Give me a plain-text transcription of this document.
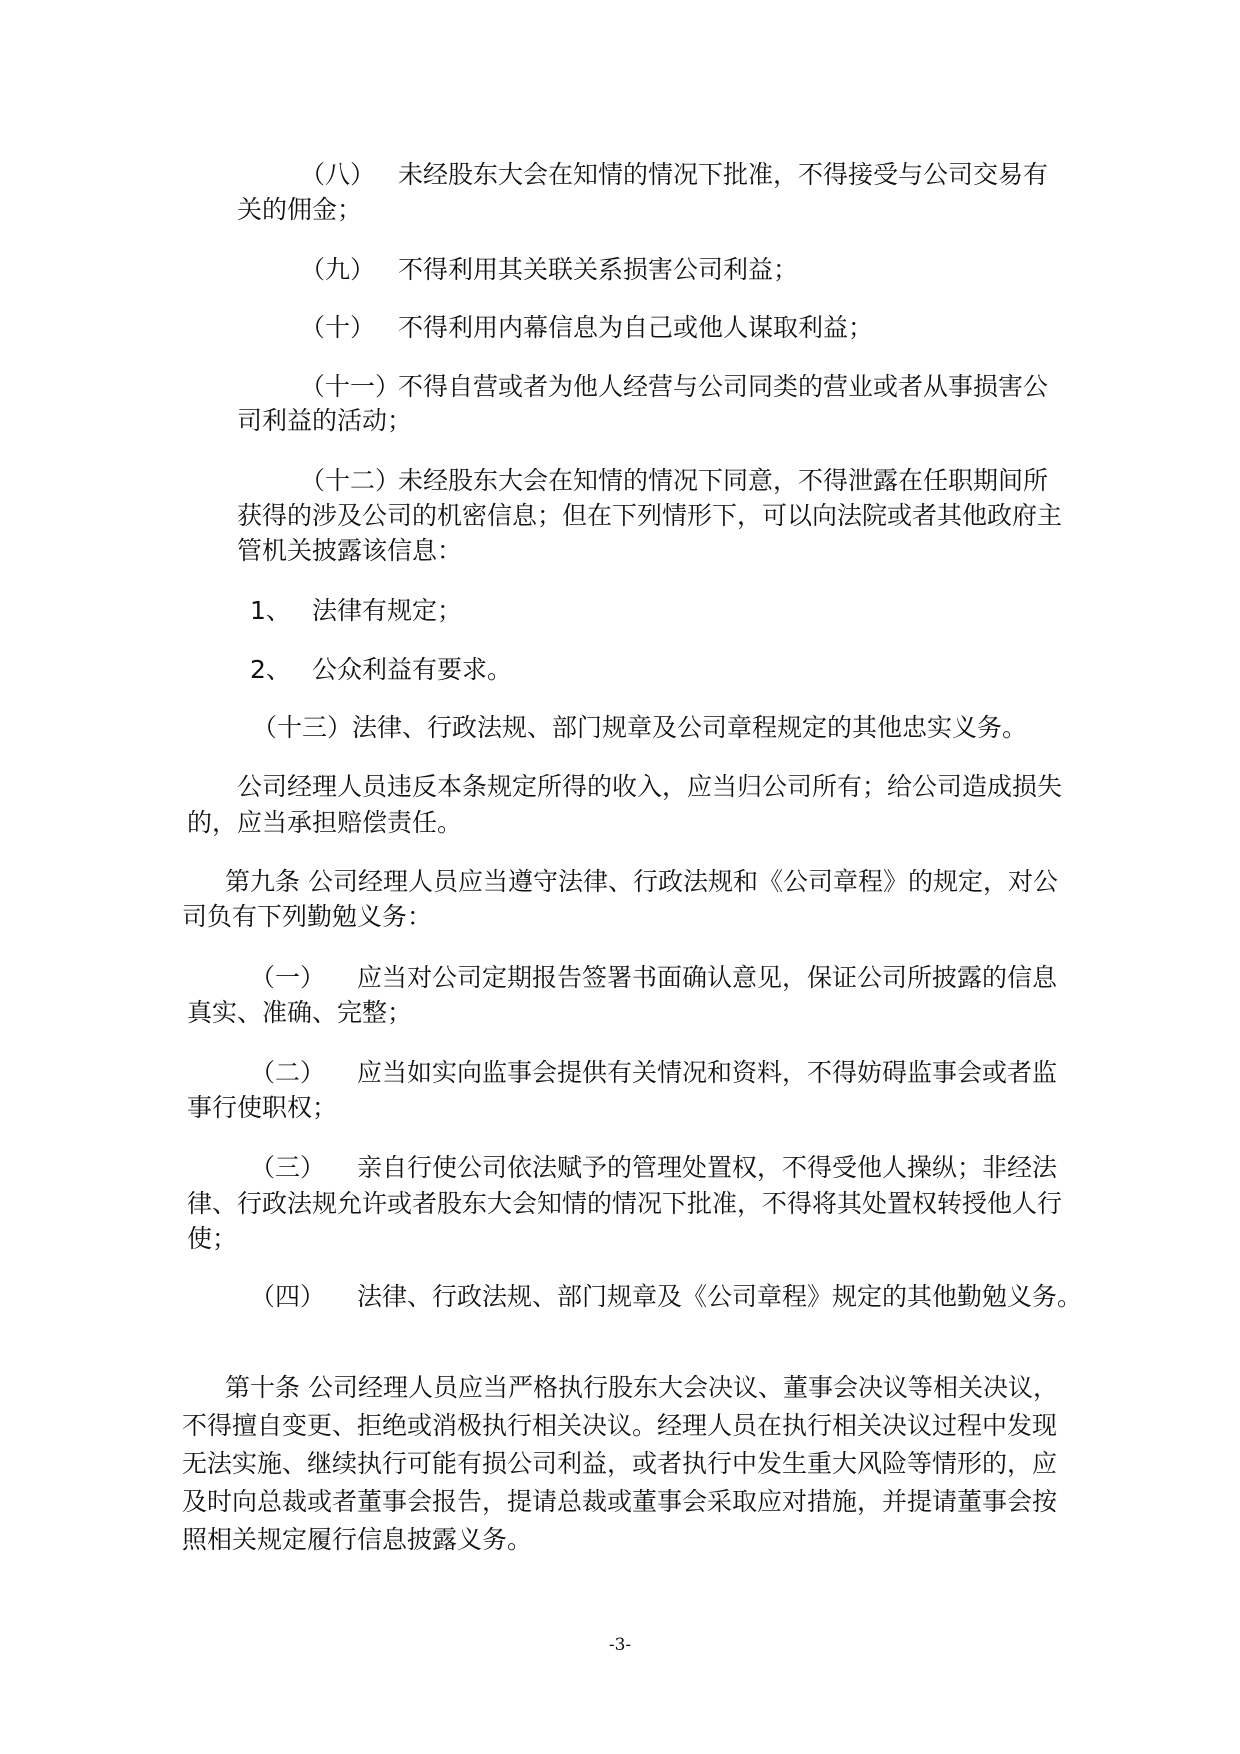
（八） 未经股东大会在知情的情况下批准，不得接受与公司交易有
关的佣金；
（九） 不得利用其关联关系损害公司利益；
（十） 不得利用内幕信息为自己或他人谋取利益；
（十一）
不得自营或者为他人经营与公司同类的营业或者从事损害公
司利益的活动；
（十二）
未经股东大会在知情的情况下同意，不得泄露在任职期间所
获得的涉及公司的机密信息；但在下列情形下，可以向法院或者其他政府主
管机关披露该信息：
1、 法律有规定；
2、 公众利益有要求。
（十三）法律、行政法规、部门规章及公司章程规定的其他忠实义务。
公司经理人员违反本条规定所得的收入，应当归公司所有；给公司造成损失
的，应当承担赔偿责任。
第九条 公司经理人员应当遵守法律、行政法规和《公司章程》的规定，对公
司负有下列勤勉义务：
（一） 应当对公司定期报告签署书面确认意见，保证公司所披露的信息
真实、准确、完整；
（二） 应当如实向监事会提供有关情况和资料，不得妨碍监事会或者监
事行使职权；
（三） 亲自行使公司依法赋予的管理处置权，不得受他人操纵；非经法
律、行政法规允许或者股东大会知情的情况下批准，不得将其处置权转授他人行
使；
（四） 法律、行政法规、部门规章及《公司章程》规定的其他勤勉义务。
第十条 公司经理人员应当严格执行股东大会决议、董事会决议等相关决议，
不得擅自变更、拒绝或消极执行相关决议。经理人员在执行相关决议过程中发现
无法实施、继续执行可能有损公司利益，或者执行中发生重大风险等情形的，应
及时向总裁或者董事会报告，提请总裁或董事会采取应对措施，并提请董事会按
照相关规定履行信息披露义务。
-3-
